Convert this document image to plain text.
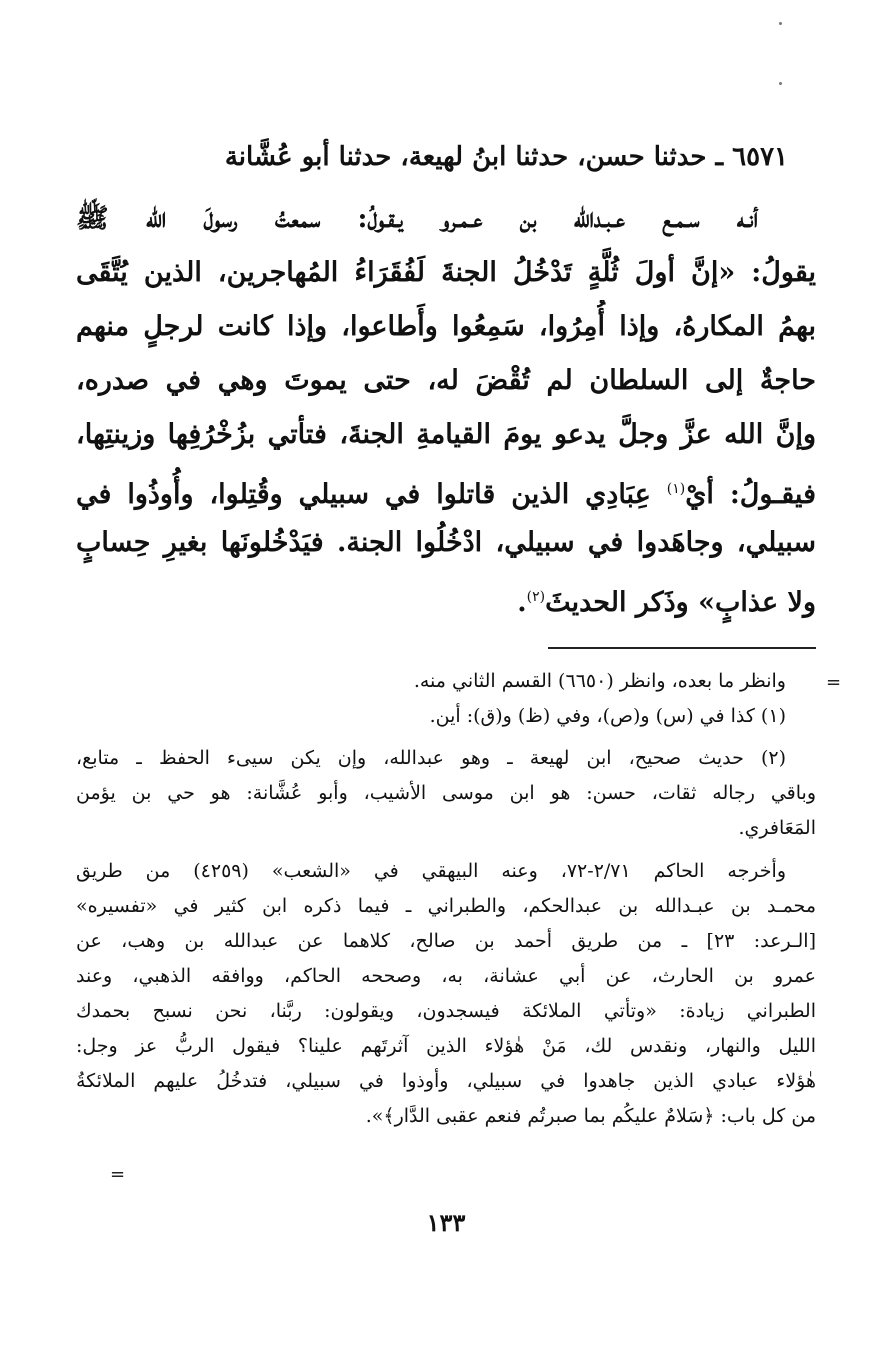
٦٥٧١ ـ حدثنا حسن، حدثنا ابنُ لهيعة، حدثنا أبو عُشَّانة
أنـه سـمـع عـبـدالله بن عـمـرو يـقـولُ: سمعتُ رسولَ الله ﷺ
يقولُ: «إنَّ أولَ ثُلَّةٍ تَدْخُلُ الجنةَ لَفُقَرَاءُ المُهاجرين، الذين يُتَّقَى
بهمُ المكارهُ، وإذا أُمِرُوا، سَمِعُوا وأَطاعوا، وإذا كانت لرجلٍ منهم
حاجةٌ إلى السلطان لم تُقْضَ له، حتى يموتَ وهي في صدره،
وإنَّ الله عزَّ وجلَّ يدعو يومَ القيامةِ الجنةَ، فتأتي بزُخْرُفِها وزينتِها،
فيقـولُ: أيْ$^{(١)}$ عِبَادِي الذين قاتلوا في سبيلي وقُتِلوا، وأُوذُوا في
سبيلي، وجاهَدوا في سبيلي، ادْخُلُوا الجنة. فيَدْخُلونَها بغيرِ حِسابٍ
ولا عذابٍ» وذَكر الحديثَ$^{(٢)}$.
=
وانظر ما بعده، وانظر (٦٦٥٠) القسم الثاني منه.
(١) كذا في (س) و(ص)، وفي (ظ) و(ق): أين.
(٢) حديث صحيح، ابن لهيعة ـ وهو عبدالله، وإن يكن سيىء الحفظ ـ متابع،
وباقي رجاله ثقات، حسن: هو ابن موسى الأشيب، وأبو عُشَّانة: هو حي بن يؤمن
المَعَافري.
وأخرجه الحاكم ٢/٧١-٧٢، وعنه البيهقي في «الشعب» (٤٢٥٩) من طريق
محمـد بن عبـدالله بن عبدالحكم، والطبراني ـ فيما ذكره ابن كثير في «تفسيره»
[الـرعد: ٢٣] ـ من طريق أحمد بن صالح، كلاهما عن عبدالله بن وهب، عن
عمرو بن الحارث، عن أبي عشانة، به، وصححه الحاكم، ووافقه الذهبي، وعند
الطبراني زيادة: «وتأتي الملائكة فيسجدون، ويقولون: ربَّنا، نحن نسبح بحمدك
الليل والنهار، ونقدس لك، مَنْ هٰؤلاء الذين آثرتَهم علينا؟ فيقول الربُّ عز وجل:
هٰؤلاء عبادي الذين جاهدوا في سبيلي، وأوذوا في سبيلي، فتدخُلُ عليهم الملائكةُ
من كل باب: ﴿سَلامٌ عليكُم بما صبرتُم فنعم عقبى الدَّار﴾».
=
١٣٣
